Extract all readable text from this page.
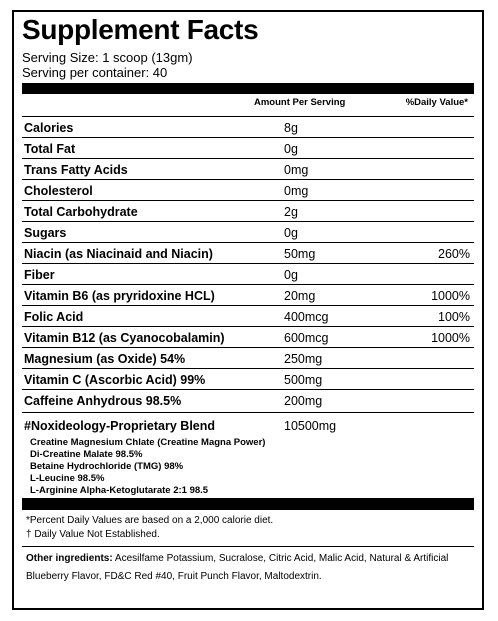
Supplement Facts
Serving Size: 1 scoop (13gm)
Serving per container: 40
Amount Per Serving	%Daily Value*
Calories	8g
Total Fat	0g
Trans Fatty Acids	0mg
Cholesterol	0mg
Total Carbohydrate	2g
Sugars	0g
Niacin (as Niacinaid and Niacin)	50mg	260%
Fiber	0g
Vitamin B6 (as pryridoxine HCL)	20mg	1000%
Folic Acid	400mcg	100%
Vitamin B12 (as Cyanocobalamin)	600mcg	1000%
Magnesium (as Oxide) 54%	250mg
Vitamin C (Ascorbic Acid) 99%	500mg
Caffeine Anhydrous 98.5%	200mg
#Noxideology-Proprietary Blend	10500mg
Creatine Magnesium Chlate (Creatine Magna Power)
Di-Creatine Malate 98.5%
Betaine Hydrochloride (TMG) 98%
L-Leucine 98.5%
L-Arginine Alpha-Ketoglutarate 2:1 98.5
*Percent Daily Values are based on a 2,000 calorie diet.
† Daily Value Not Established.
Other ingredients: Acesilfame Potassium, Sucralose, Citric Acid, Malic Acid, Natural & Artificial Blueberry Flavor, FD&C Red #40, Fruit Punch Flavor, Maltodextrin.
